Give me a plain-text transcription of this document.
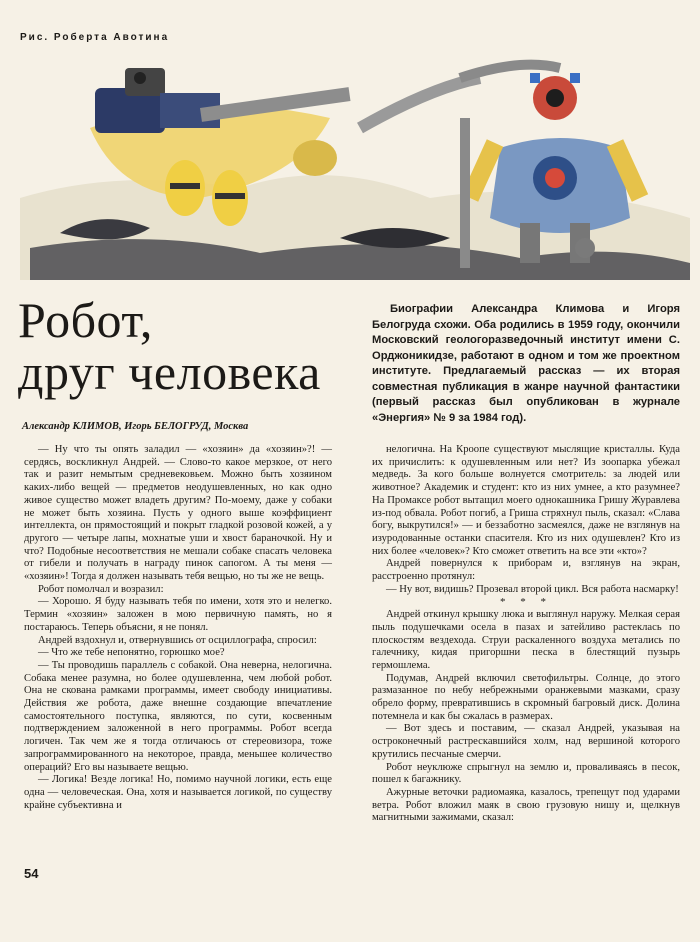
Рис. Роберта Авотина
Робот,
друг человека
Александр КЛИМОВ, Игорь БЕЛОГРУД, Москва

Биографии Александра Климова и Игоря Белогруда схожи. Оба родились в 1959 году, окончили Московский геологоразведочный институт имени С. Орджоникидзе, работают в одном и том же проектном институте. Предлагаемый рассказ — их вторая совместная публикация в жанре научной фантастики (первый рассказ был опубликован в журнале «Энергия» № 9 за 1984 год).

— Ну что ты опять заладил — «хозяин» да «хозяин»?! — сердясь, воскликнул Андрей. — Слово-то какое мерзкое, от него так и разит немытым средневековьем. Можно быть хозяином каких-либо вещей — предметов неодушевленных, но как одно живое существо может владеть другим? По-моему, даже у собаки не может быть хозяина. Пусть у одного выше коэффициент интеллекта, он прямостоящий и покрыт гладкой розовой кожей, а у другого — четыре лапы, мохнатые уши и хвост бараночкой. Ну и что? Подобные несоответствия не мешали собаке спасать человека от гибели и получать в награду пинок сапогом. А ты меня — «хозяин»! Тогда я должен называть тебя вещью, но ты же не вещь.

Робот помолчал и возразил:

— Хорошо. Я буду называть тебя по имени, хотя это и нелегко. Термин «хозяин» заложен в мою первичную память, но я постараюсь. Теперь объясни, я не понял.

Андрей вздохнул и, отвернувшись от осциллографа, спросил:

— Что же тебе непонятно, горюшко мое?

— Ты проводишь параллель с собакой. Она неверна, нелогична. Собака менее разумна, но более одушевленна, чем любой робот. Она не скована рамками программы, имеет свободу инициативы. Действия же робота, даже внешне создающие впечатление самостоятельного поступка, являются, по сути, косвенным подтверждением заложенной в него программы. Робот всегда логичен. Так чем же я тогда отличаюсь от стереовизора, тоже запрограммированного на некоторое, правда, меньшее количество операций? Его вы называете вещью.

— Логика! Везде логика! Но, помимо научной логики, есть еще одна — человеческая. Она, хотя и называется логикой, по существу крайне субъективна и

нелогична. На Кроопе существуют мыслящие кристаллы. Куда их причислить: к одушевленным или нет? Из зоопарка убежал медведь. За кого больше волнуется смотритель: за людей или животное? Академик и студент: кто из них умнее, а кто разумнее? На Промаксе робот вытащил моего однокашника Гришу Журавлева из-под обвала. Робот погиб, а Гриша стряхнул пыль, сказал: «Слава богу, выкрутился!» — и беззаботно засмеялся, даже не взглянув на изуродованные останки спасителя. Кто из них одушевлен? Кто из них более «человек»? Кто сможет ответить на все эти «кто»?

Андрей повернулся к приборам и, взглянув на экран, расстроенно протянул:

— Ну вот, видишь? Прозевал второй цикл. Вся работа насмарку!

* * *

Андрей откинул крышку люка и выглянул наружу. Мелкая серая пыль подушечками осела в пазах и затейливо растеклась по плоскостям вездехода. Струи раскаленного воздуха метались по галечнику, кидая пригоршни песка в блестящий пузырь гермошлема.

Подумав, Андрей включил светофильтры. Солнце, до этого размазанное по небу небрежными оранжевыми мазками, сразу обрело форму, превратившись в скромный багровый диск. Долина потемнела и как бы сжалась в размерах.

— Вот здесь и поставим, — сказал Андрей, указывая на остроконечный растрескавшийся холм, над вершиной которого крутились песчаные смерчи.

Робот неуклюже спрыгнул на землю и, проваливаясь в песок, пошел к багажнику.

Ажурные веточки радиомаяка, казалось, трепещут под ударами ветра. Робот вложил маяк в свою грузовую нишу и, щелкнув магнитными зажимами, сказал:

54
